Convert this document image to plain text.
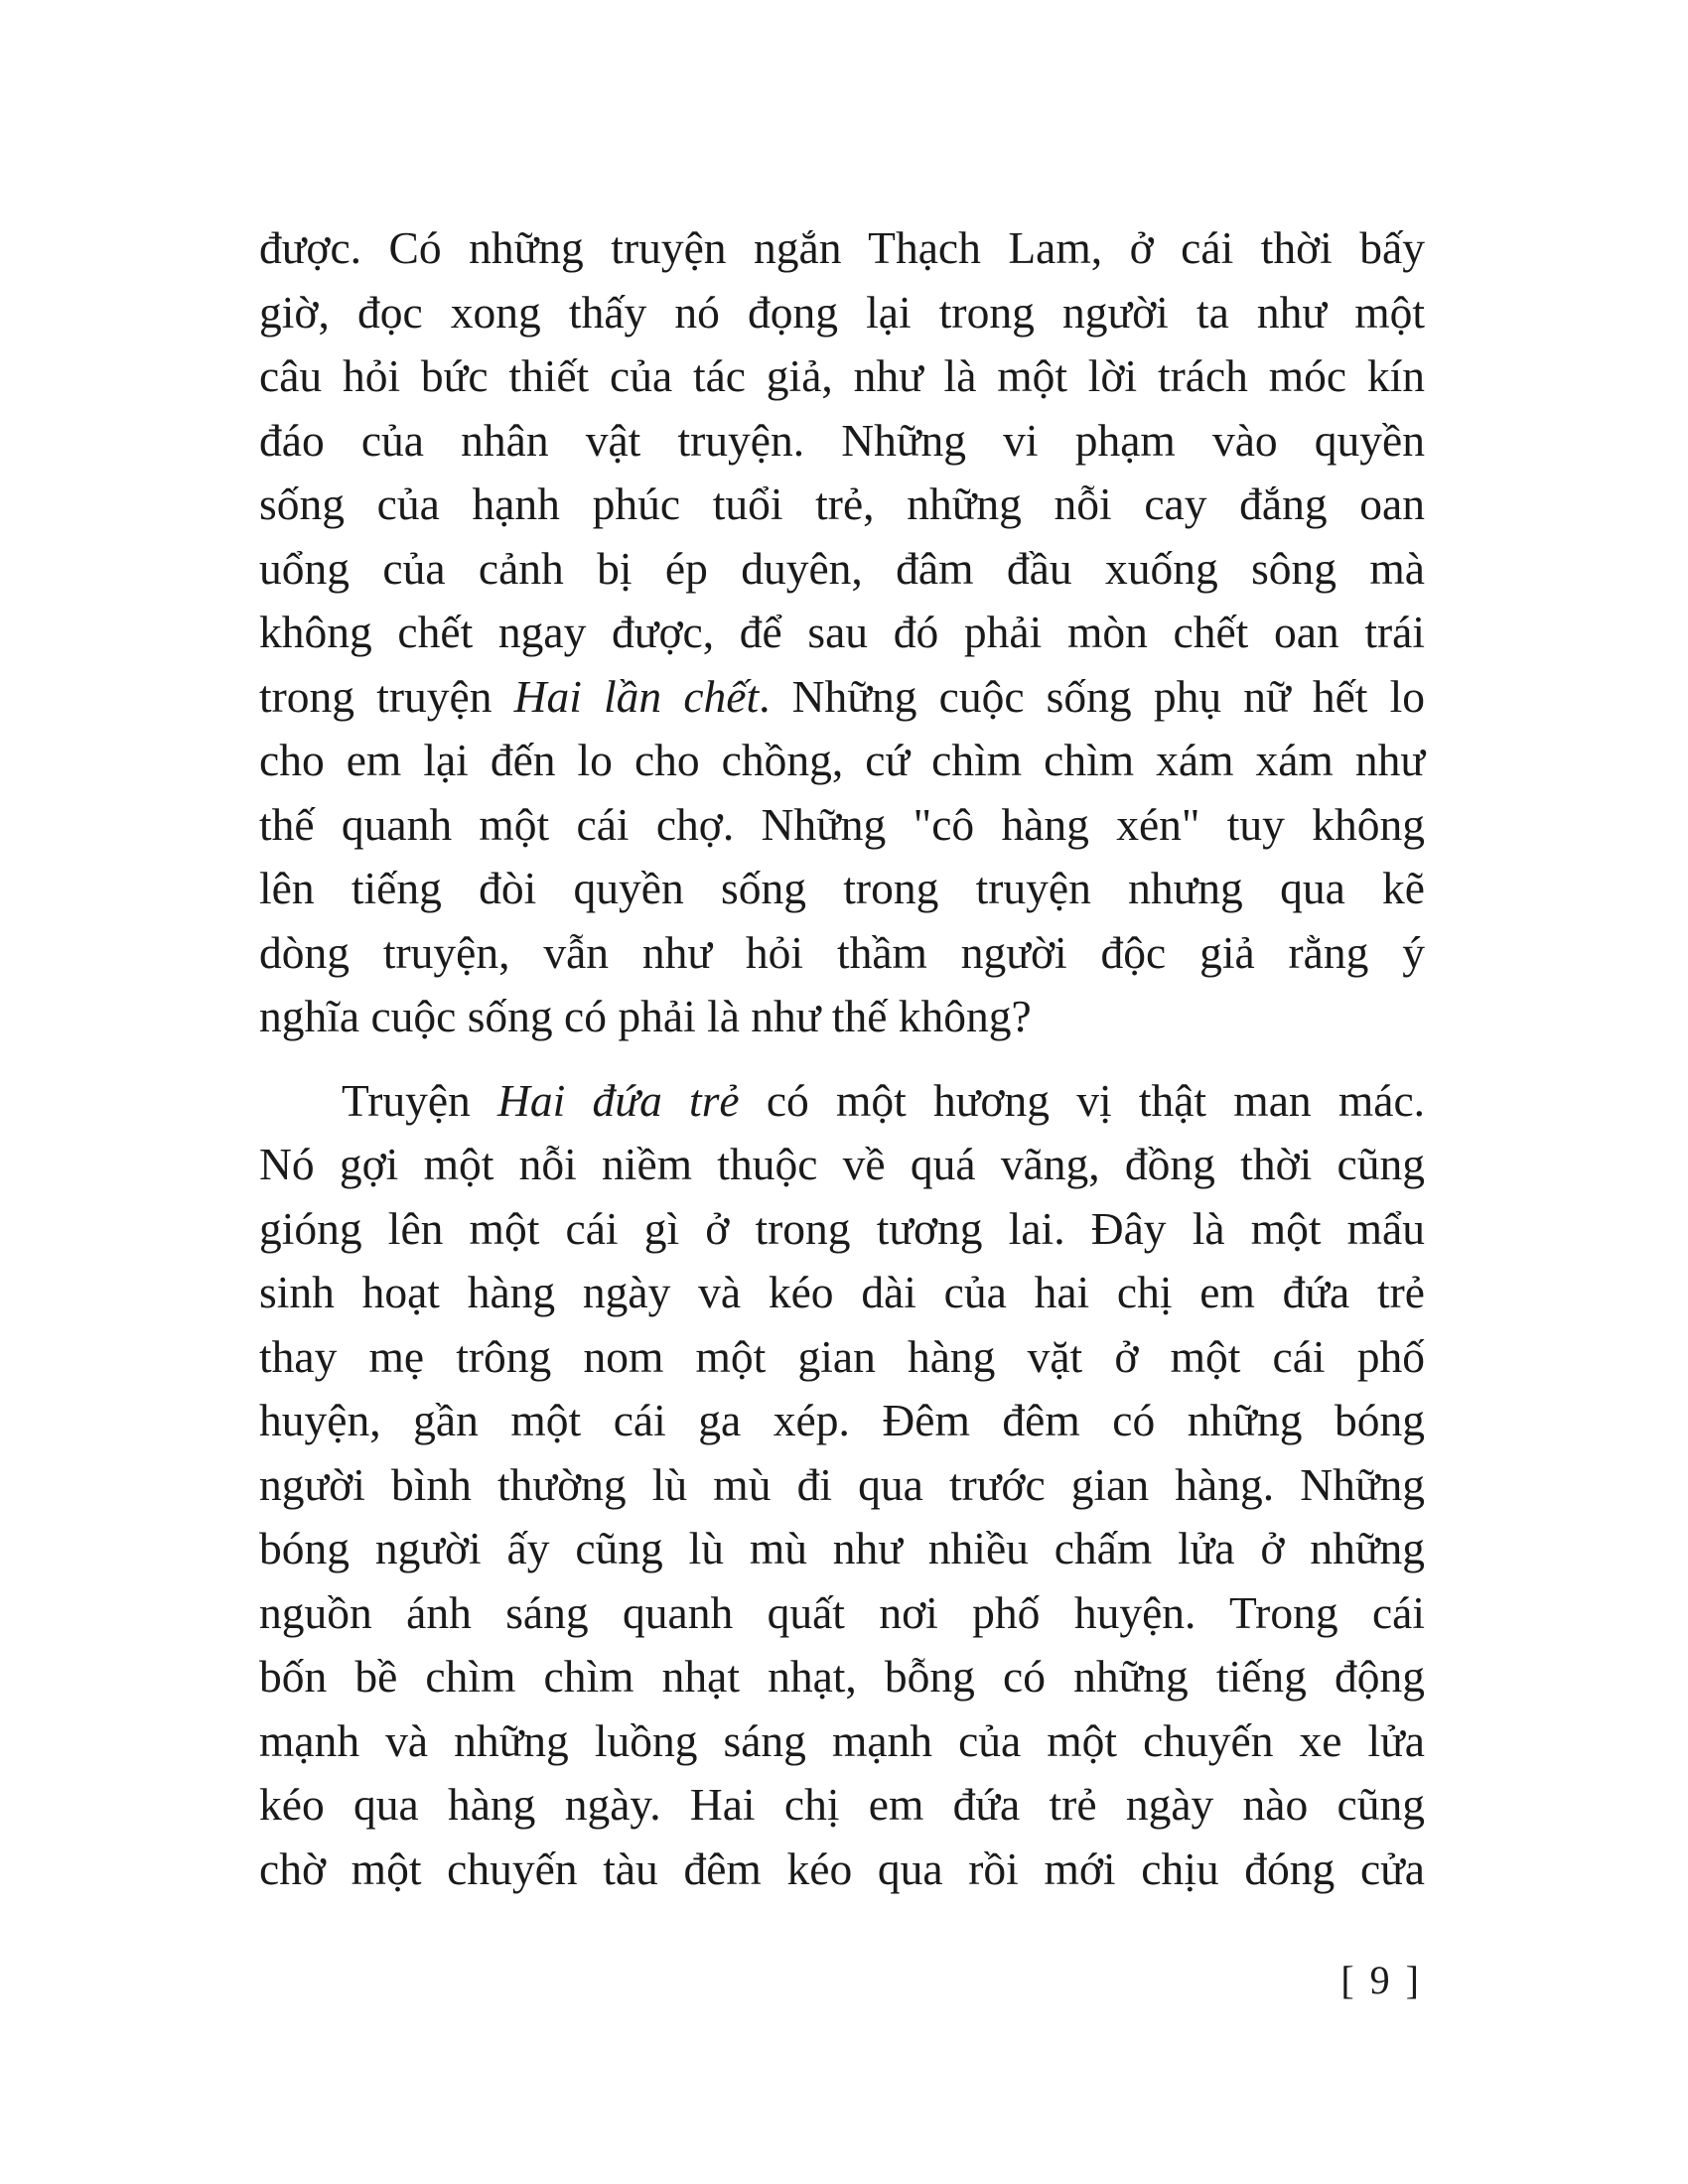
được. Có những truyện ngắn Thạch Lam, ở cái thời bấy
giờ, đọc xong thấy nó đọng lại trong người ta như một
câu hỏi bức thiết của tác giả, như là một lời trách móc kín
đáo của nhân vật truyện. Những vi phạm vào quyền
sống của hạnh phúc tuổi trẻ, những nỗi cay đắng oan
uổng của cảnh bị ép duyên, đâm đầu xuống sông mà
không chết ngay được, để sau đó phải mòn chết oan trái
trong truyện Hai lần chết. Những cuộc sống phụ nữ hết lo
cho em lại đến lo cho chồng, cứ chìm chìm xám xám như
thế quanh một cái chợ. Những "cô hàng xén" tuy không
lên tiếng đòi quyền sống trong truyện nhưng qua kẽ
dòng truyện, vẫn như hỏi thầm người độc giả rằng ý
nghĩa cuộc sống có phải là như thế không?
Truyện Hai đứa trẻ có một hương vị thật man mác.
Nó gợi một nỗi niềm thuộc về quá vãng, đồng thời cũng
gióng lên một cái gì ở trong tương lai. Đây là một mẩu
sinh hoạt hàng ngày và kéo dài của hai chị em đứa trẻ
thay mẹ trông nom một gian hàng vặt ở một cái phố
huyện, gần một cái ga xép. Đêm đêm có những bóng
người bình thường lù mù đi qua trước gian hàng. Những
bóng người ấy cũng lù mù như nhiều chấm lửa ở những
nguồn ánh sáng quanh quất nơi phố huyện. Trong cái
bốn bề chìm chìm nhạt nhạt, bỗng có những tiếng động
mạnh và những luồng sáng mạnh của một chuyến xe lửa
kéo qua hàng ngày. Hai chị em đứa trẻ ngày nào cũng
chờ một chuyến tàu đêm kéo qua rồi mới chịu đóng cửa
[ 9 ]
